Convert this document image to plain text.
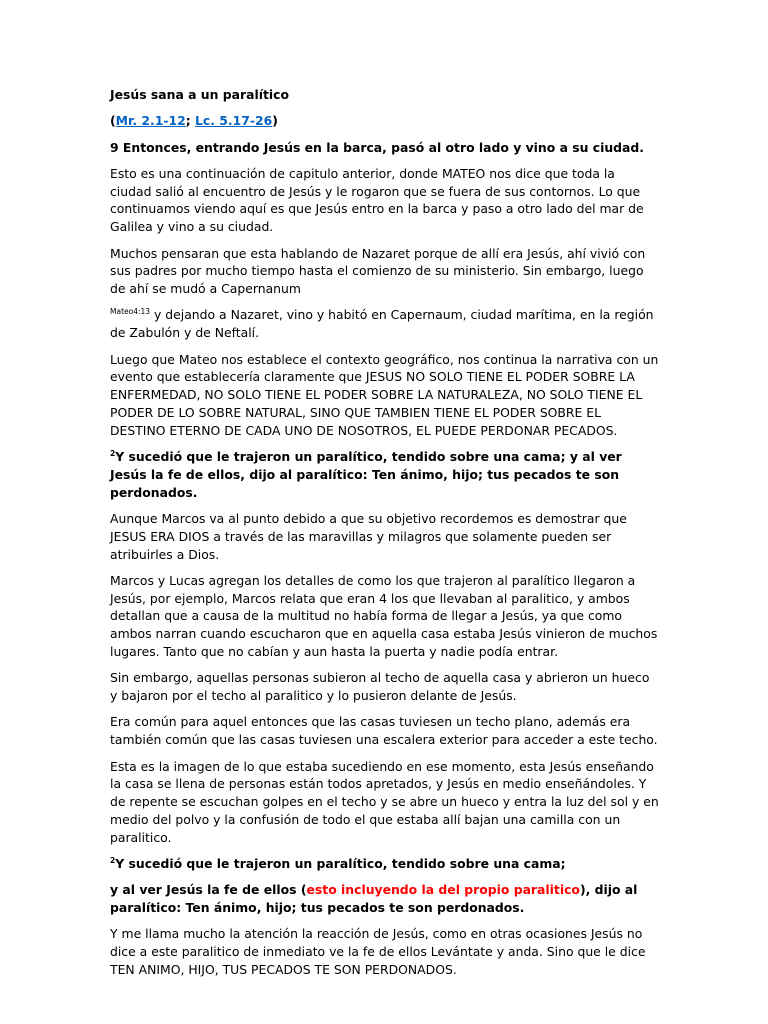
Jesús sana a un paralítico

(Mr. 2.1-12; Lc. 5.17-26)

9 Entonces, entrando Jesús en la barca, pasó al otro lado y vino a su ciudad.

Esto es una continuación de capitulo anterior, donde MATEO nos dice que toda la ciudad salió al encuentro de Jesús y le rogaron que se fuera de sus contornos. Lo que continuamos viendo aquí es que Jesús entro en la barca y paso a otro lado del mar de Galilea y vino a su ciudad.

Muchos pensaran que esta hablando de Nazaret porque de allí era Jesús, ahí vivió con sus padres por mucho tiempo hasta el comienzo de su ministerio. Sin embargo, luego de ahí se mudó a Capernanum

$^{Mateo4:13}$ y dejando a Nazaret, vino y habitó en Capernaum, ciudad marítima, en la región de Zabulón y de Neftalí.

Luego que Mateo nos establece el contexto geográfico, nos continua la narrativa con un evento que establecería claramente que JESUS NO SOLO TIENE EL PODER SOBRE LA ENFERMEDAD, NO SOLO TIENE EL PODER SOBRE LA NATURALEZA, NO SOLO TIENE EL PODER DE LO SOBRE NATURAL, SINO QUE TAMBIEN TIENE EL PODER SOBRE EL DESTINO ETERNO DE CADA UNO DE NOSOTROS, EL PUEDE PERDONAR PECADOS.

$^2$Y sucedió que le trajeron un paralítico, tendido sobre una cama; y al ver Jesús la fe de ellos, dijo al paralítico: Ten ánimo, hijo; tus pecados te son perdonados.

Aunque Marcos va al punto debido a que su objetivo recordemos es demostrar que JESUS ERA DIOS a través de las maravillas y milagros que solamente pueden ser atribuirles a Dios.

Marcos y Lucas agregan los detalles de como los que trajeron al paralítico llegaron a Jesús, por ejemplo, Marcos relata que eran 4 los que llevaban al paralitico, y ambos detallan que a causa de la multitud no había forma de llegar a Jesús, ya que como ambos narran cuando escucharon que en aquella casa estaba Jesús vinieron de muchos lugares. Tanto que no cabían y aun hasta la puerta y nadie podía entrar.

Sin embargo, aquellas personas subieron al techo de aquella casa y abrieron un hueco y bajaron por el techo al paralitico y lo pusieron delante de Jesús.

Era común para aquel entonces que las casas tuviesen un techo plano, además era también común que las casas tuviesen una escalera exterior para acceder a este techo.

Esta es la imagen de lo que estaba sucediendo en ese momento, esta Jesús enseñando la casa se llena de personas están todos apretados, y Jesús en medio enseñándoles. Y de repente se escuchan golpes en el techo y se abre un hueco y entra la luz del sol y en medio del polvo y la confusión de todo el que estaba allí bajan una camilla con un paralitico.

$^2$Y sucedió que le trajeron un paralítico, tendido sobre una cama;

y al ver Jesús la fe de ellos (esto incluyendo la del propio paralitico), dijo al paralítico: Ten ánimo, hijo; tus pecados te son perdonados.

Y me llama mucho la atención la reacción de Jesús, como en otras ocasiones Jesús no dice a este paralitico de inmediato ve la fe de ellos Levántate y anda. Sino que le dice TEN ANIMO, HIJO, TUS PECADOS TE SON PERDONADOS.
